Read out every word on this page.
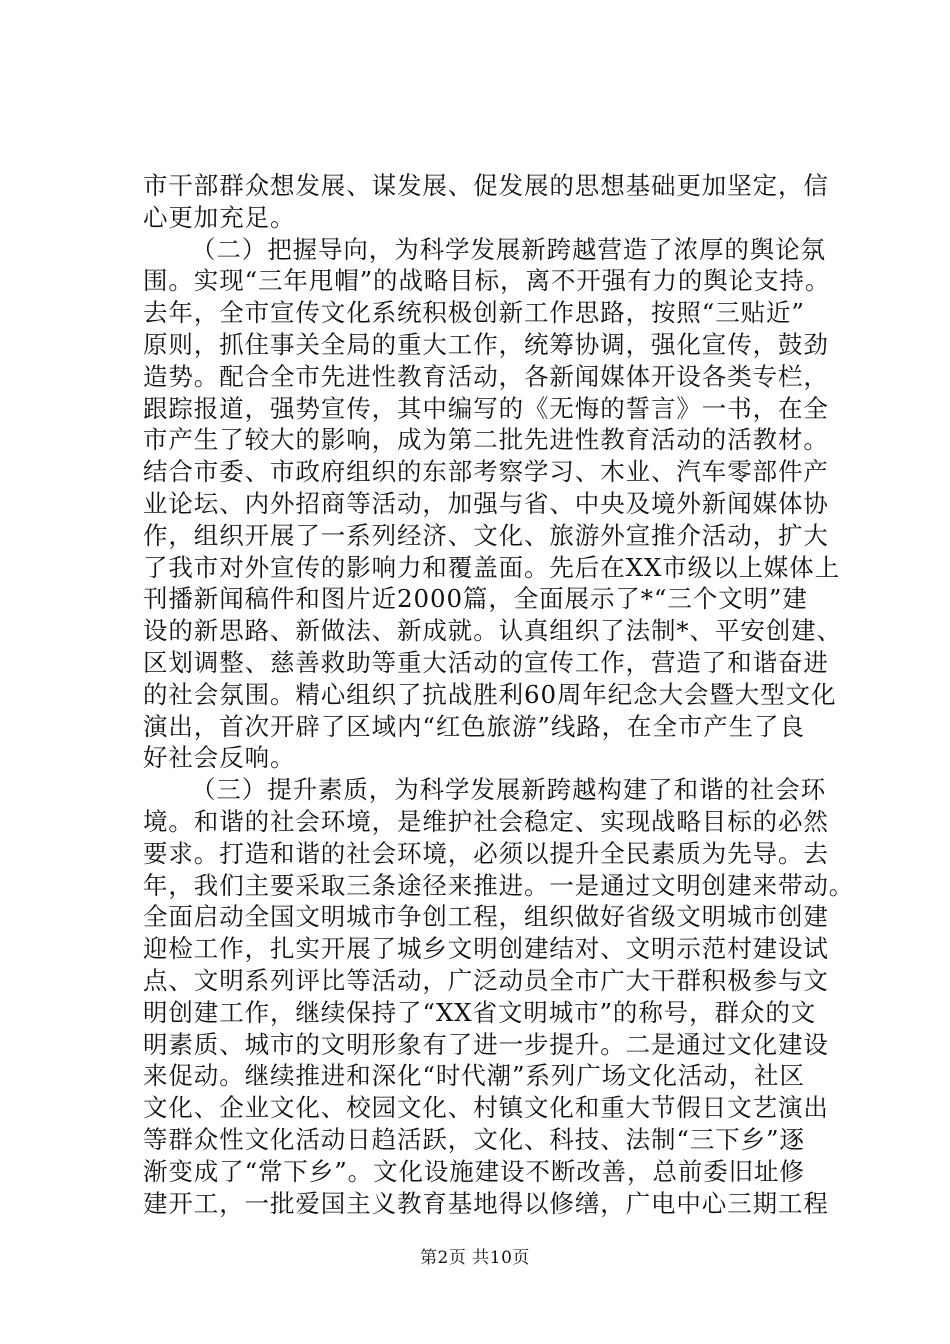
市干部群众想发展、谋发展、促发展的思想基础更加坚定，信
心更加充足。
（二）把握导向，为科学发展新跨越营造了浓厚的舆论氛
围。实现“三年甩帽”的战略目标，离不开强有力的舆论支持。
去年，全市宣传文化系统积极创新工作思路，按照“三贴近”
原则，抓住事关全局的重大工作，统筹协调，强化宣传，鼓劲
造势。配合全市先进性教育活动，各新闻媒体开设各类专栏，
跟踪报道，强势宣传，其中编写的《无悔的誓言》一书，在全
市产生了较大的影响，成为第二批先进性教育活动的活教材。
结合市委、市政府组织的东部考察学习、木业、汽车零部件产
业论坛、内外招商等活动，加强与省、中央及境外新闻媒体协
作，组织开展了一系列经济、文化、旅游外宣推介活动，扩大
了我市对外宣传的影响力和覆盖面。先后在XX市级以上媒体上
刊播新闻稿件和图片近2000篇，全面展示了*“三个文明”建
设的新思路、新做法、新成就。认真组织了法制*、平安创建、
区划调整、慈善救助等重大活动的宣传工作，营造了和谐奋进
的社会氛围。精心组织了抗战胜利60周年纪念大会暨大型文化
演出，首次开辟了区域内“红色旅游”线路，在全市产生了良
好社会反响。
（三）提升素质，为科学发展新跨越构建了和谐的社会环
境。和谐的社会环境，是维护社会稳定、实现战略目标的必然
要求。打造和谐的社会环境，必须以提升全民素质为先导。去
年，我们主要采取三条途径来推进。一是通过文明创建来带动。
全面启动全国文明城市争创工程，组织做好省级文明城市创建
迎检工作，扎实开展了城乡文明创建结对、文明示范村建设试
点、文明系列评比等活动，广泛动员全市广大干群积极参与文
明创建工作，继续保持了“XX省文明城市”的称号，群众的文
明素质、城市的文明形象有了进一步提升。二是通过文化建设
来促动。继续推进和深化“时代潮”系列广场文化活动，社区
文化、企业文化、校园文化、村镇文化和重大节假日文艺演出
等群众性文化活动日趋活跃，文化、科技、法制“三下乡”逐
渐变成了“常下乡”。文化设施建设不断改善，总前委旧址修
建开工，一批爱国主义教育基地得以修缮，广电中心三期工程
第2页 共10页
